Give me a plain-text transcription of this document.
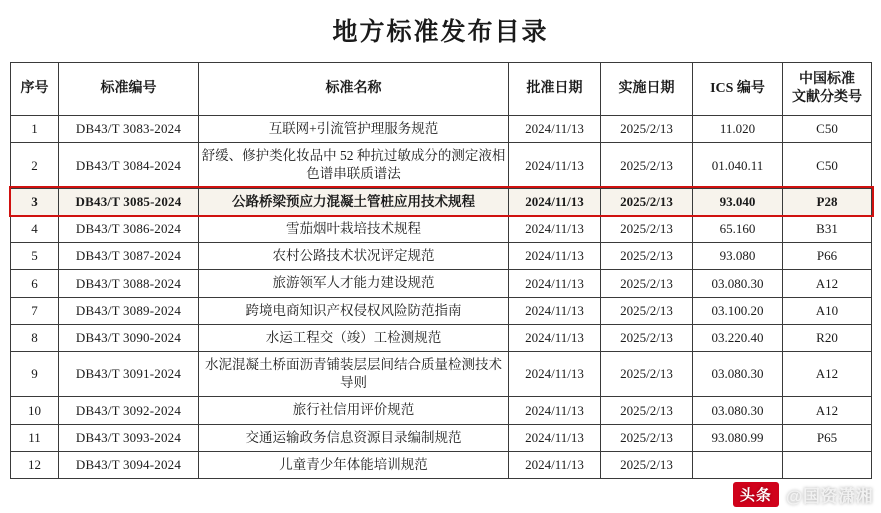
地方标准发布目录
序号	标准编号	标准名称	批准日期	实施日期	ICS 编号	中国标准
文献分类号

1	DB43/T 3083-2024	互联网+引流管护理服务规范	2024/11/13	2025/2/13	11.020	C50
2	DB43/T 3084-2024	舒缓、修护类化妆品中 52 种抗过敏成分的测定液相色谱串联质谱法	2024/11/13	2025/2/13	01.040.11	C50
3	DB43/T 3085-2024	公路桥梁预应力混凝土管桩应用技术规程	2024/11/13	2025/2/13	93.040	P28
4	DB43/T 3086-2024	雪茄烟叶栽培技术规程	2024/11/13	2025/2/13	65.160	B31
5	DB43/T 3087-2024	农村公路技术状况评定规范	2024/11/13	2025/2/13	93.080	P66
6	DB43/T 3088-2024	旅游领军人才能力建设规范	2024/11/13	2025/2/13	03.080.30	A12
7	DB43/T 3089-2024	跨境电商知识产权侵权风险防范指南	2024/11/13	2025/2/13	03.100.20	A10
8	DB43/T 3090-2024	水运工程交（竣）工检测规范	2024/11/13	2025/2/13	03.220.40	R20
9	DB43/T 3091-2024	水泥混凝土桥面沥青铺装层层间结合质量检测技术导则	2024/11/13	2025/2/13	03.080.30	A12
10	DB43/T 3092-2024	旅行社信用评价规范	2024/11/13	2025/2/13	03.080.30	A12
11	DB43/T 3093-2024	交通运输政务信息资源目录编制规范	2024/11/13	2025/2/13	93.080.99	P65
12	DB43/T 3094-2024	儿童青少年体能培训规范	2024/11/13	2025/2/13		
头条 @国资潇湘
